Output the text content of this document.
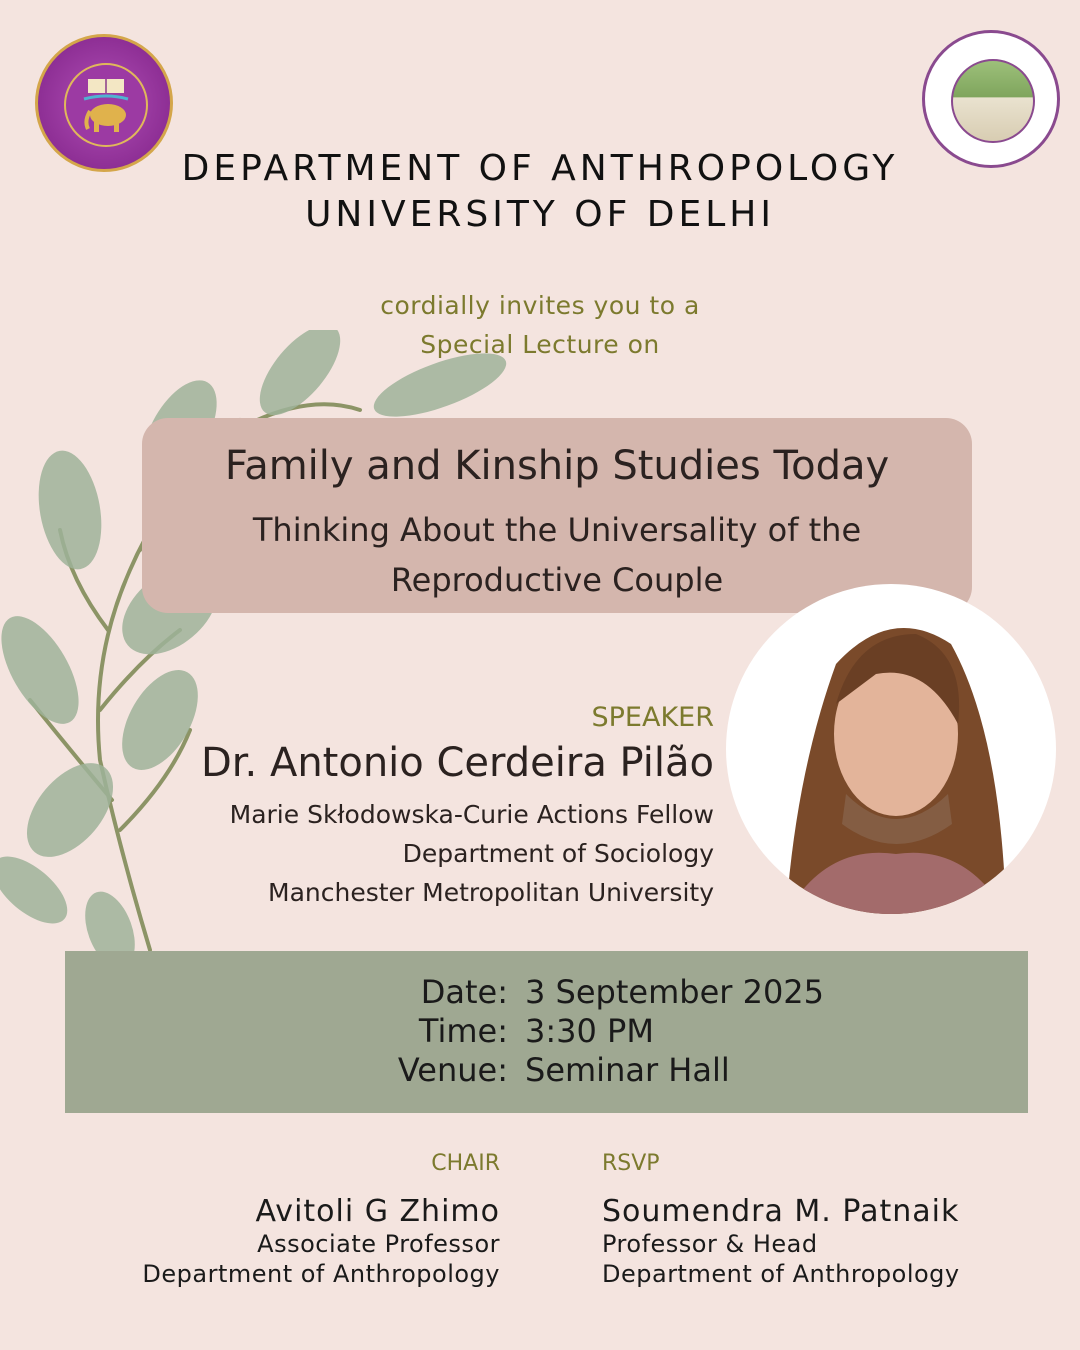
DEPARTMENT OF ANTHROPOLOGY
UNIVERSITY OF DELHI
cordially invites you to a
Special Lecture on
Family and Kinship Studies Today
Thinking About the Universality of the
Reproductive Couple
SPEAKER
Dr. Antonio Cerdeira Pilão
Marie Skłodowska-Curie Actions Fellow
Department of Sociology
Manchester Metropolitan University
Date: 3 September 2025
Time: 3:30 PM
Venue: Seminar Hall
CHAIR
Avitoli G Zhimo
Associate Professor
Department of Anthropology
RSVP
Soumendra M. Patnaik
Professor & Head
Department of Anthropology
